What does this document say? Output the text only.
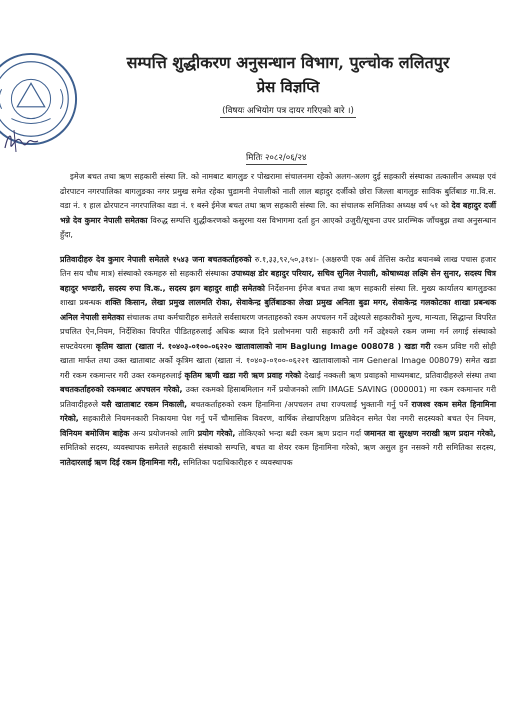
सम्पत्ति शुद्धीकरण अनुसन्धान विभाग, पुल्चोक ललितपुर

प्रेस विज्ञप्ति

(विषयः अभियोग पत्र दायर गरिएको बारे ।)
मितिः २०८२/०६/२४

इमेज बचत तथा ऋण सहकारी संस्था लि. को नामबाट बागलुङ र पोखरामा संचालनमा रहेको अलग-अलग दुई सहकारी संस्थाका तत्कालीन अध्यक्ष एवं ढोरपाटन नगरपालिका बागलुङका नगर प्रमुख समेत रहेका चुडामनी नेपालीको नाती लाल बहादुर दर्जीको छोरा जिल्ला बागलुङ साविक बुर्तिबाङ गा.वि.स. वडा नं. १ हाल ढोरपाटन नगरपालिका वडा नं. १ बस्ने ईमेज बचत तथा ऋण सहकारी संस्था लि. का संचालक समितिका अध्यक्ष वर्ष ५१ को देव बहादुर दर्जी भन्ने देव कुमार नेपाली समेतका विरुद्ध सम्पत्ति शुद्धीकरणको कसुरमा यस विभागमा दर्ता हुन आएको उजुरी/सूचना उपर प्रारम्भिक जाँचबुझ तथा अनुसन्धान हुँदा,

प्रतिवादीहरु देव कुमार नेपाली समेतले १५४३ जना बचतकर्ताहरुको रु.१,३३,९२,५०,३१४।- (अक्षरुपी एक अर्ब तेत्तिस करोड बयानब्बे लाख पचास हजार तिन सय चौध मात्र) संस्थाको रकमहरु सो सहकारी संस्थाका उपाध्यक्ष डोर बहादुर परियार, सचिव सुनिल नेपाली, कोषाध्यक्ष लक्ष्मि सेन सुनार, सदस्य चित्र बहादुर भण्डारी, सदस्य रुपा वि.क., सदस्य झग बहादुर शाही समेतको निर्देशनमा ईमेज बचत तथा ऋण सहकारी संस्था लि. मुख्य कार्यालय बागलुङका शाखा प्रबन्धक शक्ति किसान, लेखा प्रमुख लालमति रोका, सेवाकेन्द्र बुर्तिबाङका लेखा प्रमुख अनिता बुढा मगर, सेवाकेन्द्र गलकोटका शाखा प्रबन्धक अनिल नेपाली समेतका संचालक तथा कर्मचारीहरु समेतले सर्वसाधरण जनताहरुको रकम अपचलन गर्ने उद्देश्यले सहकारीको मुल्य, मान्यता, सिद्धान्त विपरित प्रचलित ऐन,नियम, निर्देशिका विपरित पीडितहरुलाई अधिक ब्याज दिने प्रलोभनमा पारी सहकारी ठगी गर्ने उद्देश्यले रकम जम्मा गर्न लगाई संस्थाको सफ्टवेयरमा कृतिम खाता (खाता नं. १०४०३-०१००-०६२२० खातावालाको नाम Baglung Image 008078 ) खडा गरी रकम प्रविष्ट गरी सोही खाता मार्फत तथा उक्त खाताबाट अर्को कृत्रिम खाता (खाता नं. १०४०३-०१००-०६२२१ खातावालाको नाम General Image 008079) समेत खडा गरी रकम रकमान्तर गरी उक्त रकमहरुलाई कृतिम ऋणी खडा गरी ऋण प्रवाह गरेको देखाई नक्कली ऋण प्रवाहको माध्यमबाट, प्रतिवादीहरुले संस्था तथा बचतकर्ताहरुको रकमबाट अपचलन गरेको, उक्त रकमको हिसाबमिलान गर्ने प्रयोजनको लागि IMAGE SAVING (000001) मा रकम रकमान्तर गरी प्रतिवादीहरुले यसै खाताबाट रकम निकाली, बचतकर्ताहरुको रकम हिनामिना /अपचलन तथा राज्यलाई भुक्तानी गर्नु पर्ने राजश्व रकम समेत हिनामिना गरेको, सहकारीले नियमनकारी निकायमा पेश गर्नु पर्ने चौमासिक विवरण, वार्षिक लेखापरिक्षण प्रतिवेदन समेत पेश नगरी सदस्यको बचत ऐन नियम, विनियम बमोजिम बाहेक अन्य प्रयोजनको लागि प्रयोग गरेको, तोकिएको भन्दा बढी रकम ऋण प्रदान गर्दा जमानत वा सुरक्षण नराखी ऋण प्रदान गरेको, समितिको सदस्य, व्यवस्थापक समेतले सहकारी संस्थाको सम्पत्ति, बचत वा शेयर रकम हिनामिना गरेको, ऋण असुल हुन नसक्ने गरी समितिका सदस्य, नातेदारलाई ऋण दिई रकम हिनामिना गरी, समितिका पदाधिकारीहरु र व्यवस्थापक
